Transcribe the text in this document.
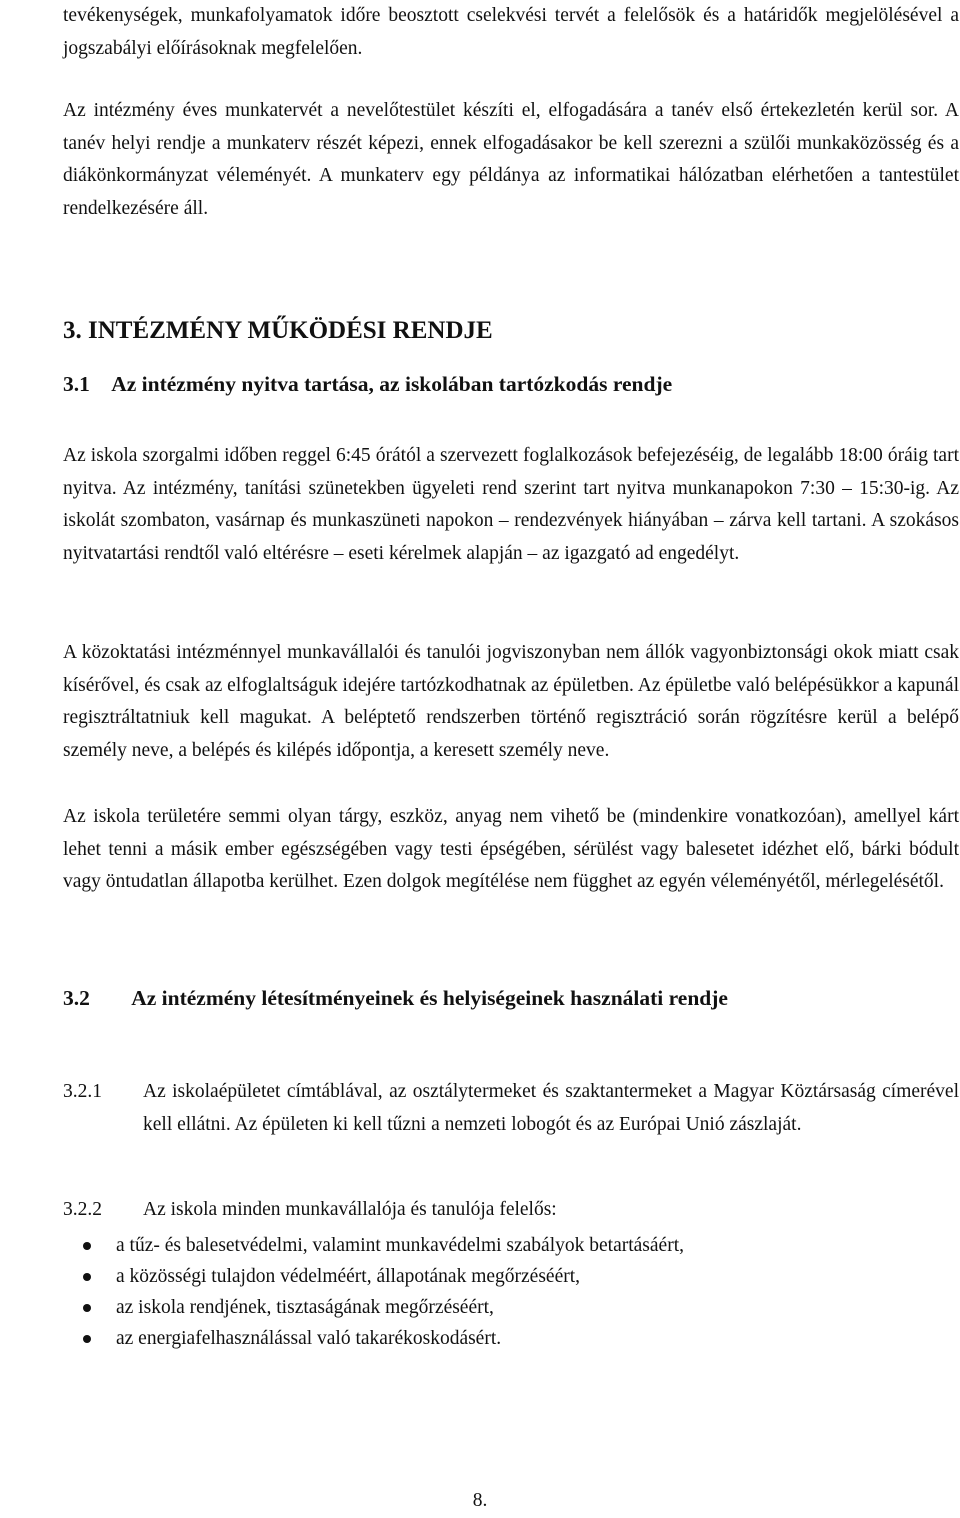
tevékenységek, munkafolyamatok időre beosztott cselekvési tervét a felelősök és a határidők megjelölésével a jogszabályi előírásoknak megfelelően.

Az intézmény éves munkatervét a nevelőtestület készíti el, elfogadására a tanév első értekezletén kerül sor. A tanév helyi rendje a munkaterv részét képezi, ennek elfogadásakor be kell szerezni a szülői munkaközösség és a diákönkormányzat véleményét. A munkaterv egy példánya az informatikai hálózatban elérhetően a tantestület rendelkezésére áll.

3. INTÉZMÉNY MŰKÖDÉSI RENDJE
3.1 Az intézmény nyitva tartása, az iskolában tartózkodás rendje

Az iskola szorgalmi időben reggel 6:45 órától a szervezett foglalkozások befejezéséig, de legalább 18:00 óráig tart nyitva. Az intézmény, tanítási szünetekben ügyeleti rend szerint tart nyitva munkanapokon 7:30 – 15:30-ig. Az iskolát szombaton, vasárnap és munkaszüneti napokon – rendezvények hiányában – zárva kell tartani. A szokásos nyitvatartási rendtől való eltérésre – eseti kérelmek alapján – az igazgató ad engedélyt.

A közoktatási intézménnyel munkavállalói és tanulói jogviszonyban nem állók vagyonbiztonsági okok miatt csak kísérővel, és csak az elfoglaltságuk idejére tartózkodhatnak az épületben. Az épületbe való belépésükkor a kapunál regisztráltatniuk kell magukat. A beléptető rendszerben történő regisztráció során rögzítésre kerül a belépő személy neve, a belépés és kilépés időpontja, a keresett személy neve.

Az iskola területére semmi olyan tárgy, eszköz, anyag nem vihető be (mindenkire vonatkozóan), amellyel kárt lehet tenni a másik ember egészségében vagy testi épségében, sérülést vagy balesetet idézhet elő, bárki bódult vagy öntudatlan állapotba kerülhet. Ezen dolgok megítélése nem függhet az egyén véleményétől, mérlegelésétől.

3.2 Az intézmény létesítményeinek és helyiségeinek használati rendje
3.2.1	Az iskolaépületet címtáblával, az osztálytermeket és szaktantermeket a Magyar Köztársaság címerével kell ellátni. Az épületen ki kell tűzni a nemzeti lobogót és az Európai Unió zászlaját.

3.2.2	Az iskola minden munkavállalója és tanulója felelős:

a tűz- és balesetvédelmi, valamint munkavédelmi szabályok betartásáért,
a közösségi tulajdon védelméért, állapotának megőrzéséért,
az iskola rendjének, tisztaságának megőrzéséért,
az energiafelhasználással való takarékoskodásért.
8.
